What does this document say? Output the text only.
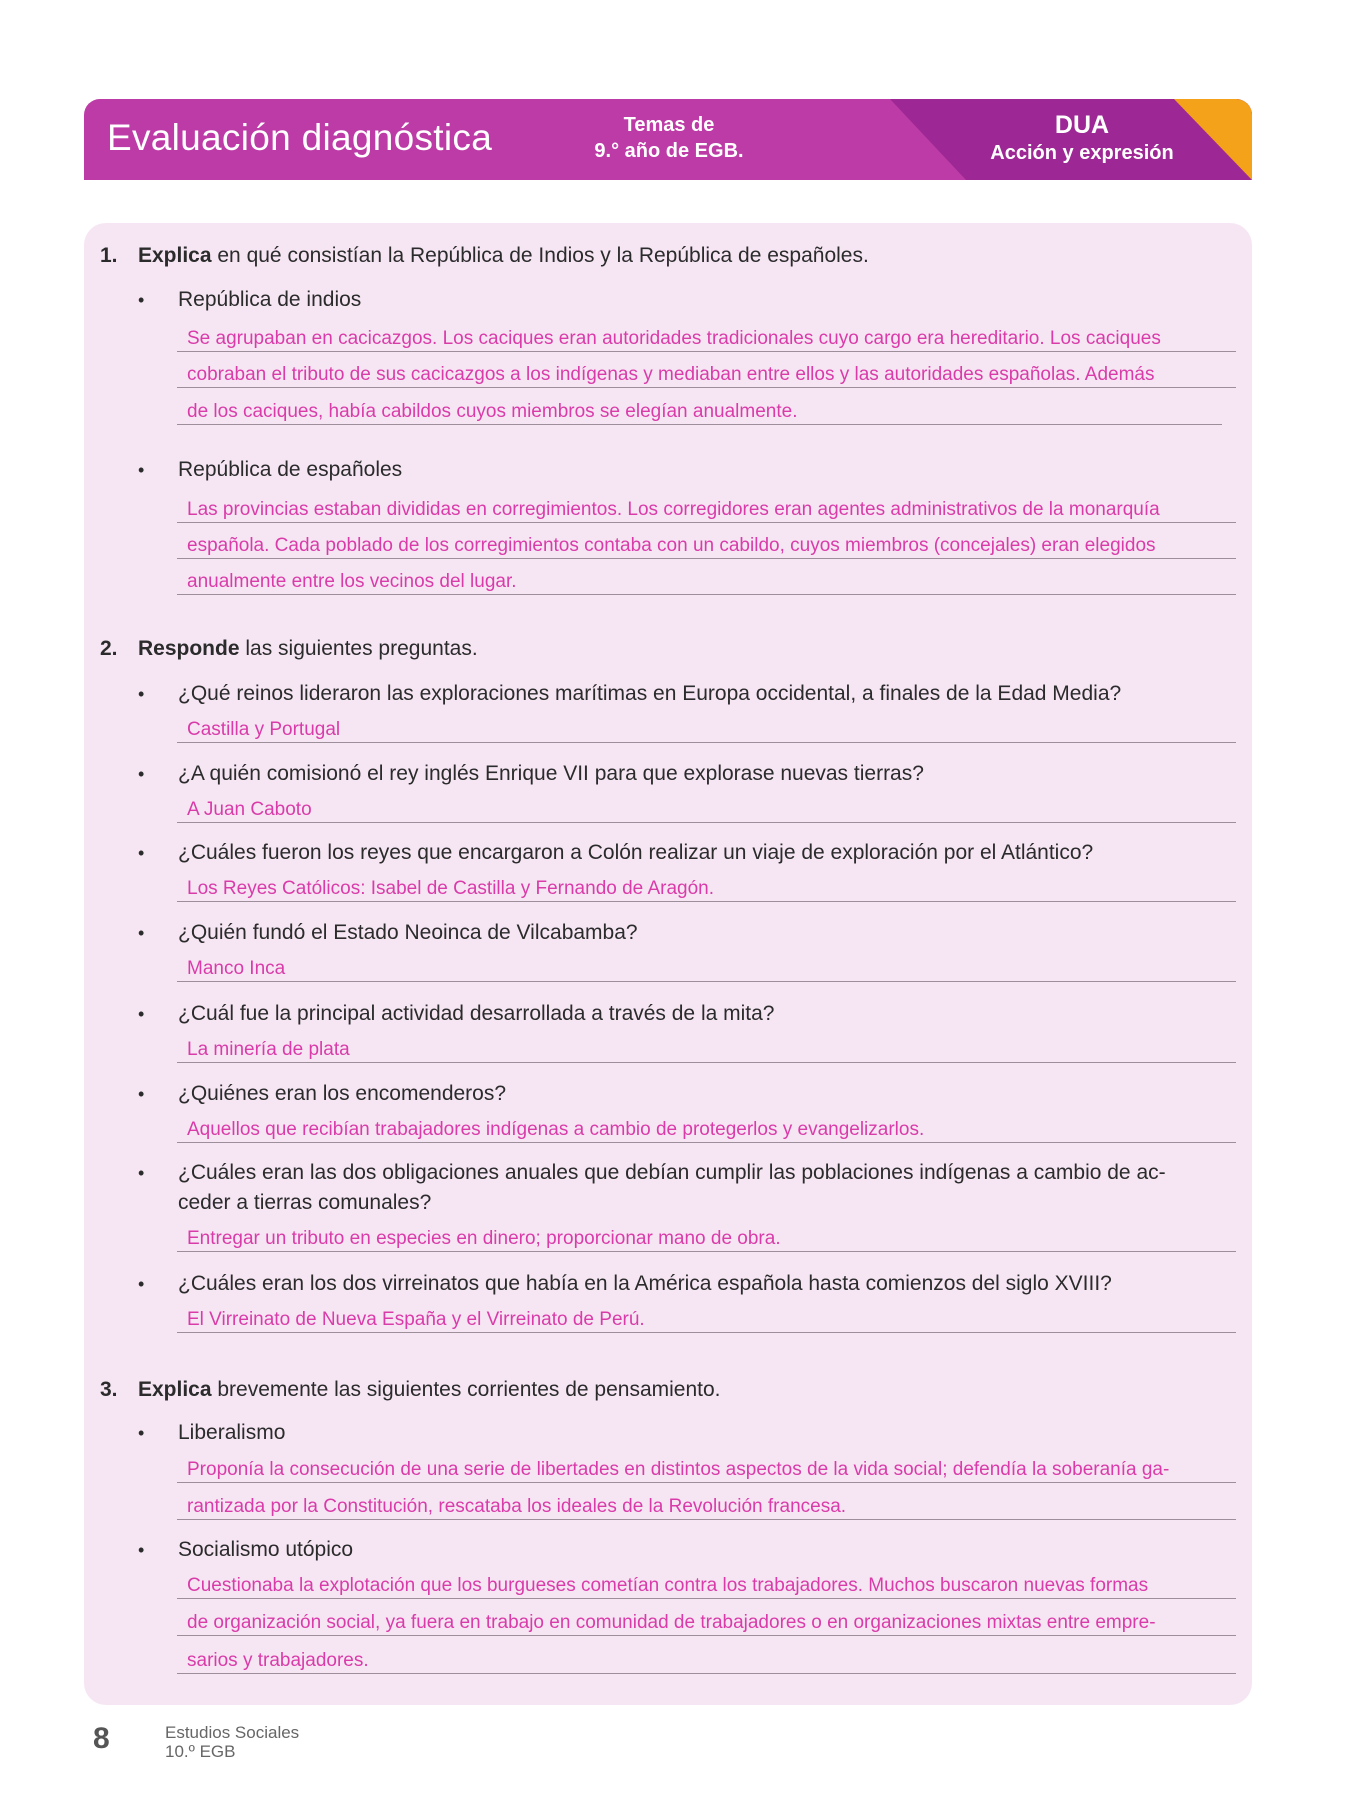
Evaluación diagnóstica	Temas de
9.° año de EGB.
DUA
Acción y expresión
1. Explica en qué consistían la República de Indios y la República de españoles.
• República de indios
Se agrupaban en cacicazgos. Los caciques eran autoridades tradicionales cuyo cargo era hereditario. Los caciques
cobraban el tributo de sus cacicazgos a los indígenas y mediaban entre ellos y las autoridades españolas. Además
de los caciques, había cabildos cuyos miembros se elegían anualmente.
• República de españoles
Las provincias estaban divididas en corregimientos. Los corregidores eran agentes administrativos de la monarquía
española. Cada poblado de los corregimientos contaba con un cabildo, cuyos miembros (concejales) eran elegidos
anualmente entre los vecinos del lugar.
2. Responde las siguientes preguntas.
• ¿Qué reinos lideraron las exploraciones marítimas en Europa occidental, a finales de la Edad Media?
Castilla y Portugal
• ¿A quién comisionó el rey inglés Enrique VII para que explorase nuevas tierras?
A Juan Caboto
• ¿Cuáles fueron los reyes que encargaron a Colón realizar un viaje de exploración por el Atlántico?
Los Reyes Católicos: Isabel de Castilla y Fernando de Aragón.
• ¿Quién fundó el Estado Neoinca de Vilcabamba?
Manco Inca
• ¿Cuál fue la principal actividad desarrollada a través de la mita?
La minería de plata
• ¿Quiénes eran los encomenderos?
Aquellos que recibían trabajadores indígenas a cambio de protegerlos y evangelizarlos.
• ¿Cuáles eran las dos obligaciones anuales que debían cumplir las poblaciones indígenas a cambio de ac-
ceder a tierras comunales?
Entregar un tributo en especies en dinero; proporcionar mano de obra.
• ¿Cuáles eran los dos virreinatos que había en la América española hasta comienzos del siglo XVIII?
El Virreinato de Nueva España y el Virreinato de Perú.
3. Explica brevemente las siguientes corrientes de pensamiento.
• Liberalismo
Proponía la consecución de una serie de libertades en distintos aspectos de la vida social; defendía la soberanía ga-
rantizada por la Constitución, rescataba los ideales de la Revolución francesa.
• Socialismo utópico
Cuestionaba la explotación que los burgueses cometían contra los trabajadores. Muchos buscaron nuevas formas
de organización social, ya fuera en trabajo en comunidad de trabajadores o en organizaciones mixtas entre empre-
sarios y trabajadores.
8	Estudios Sociales
10.º EGB
